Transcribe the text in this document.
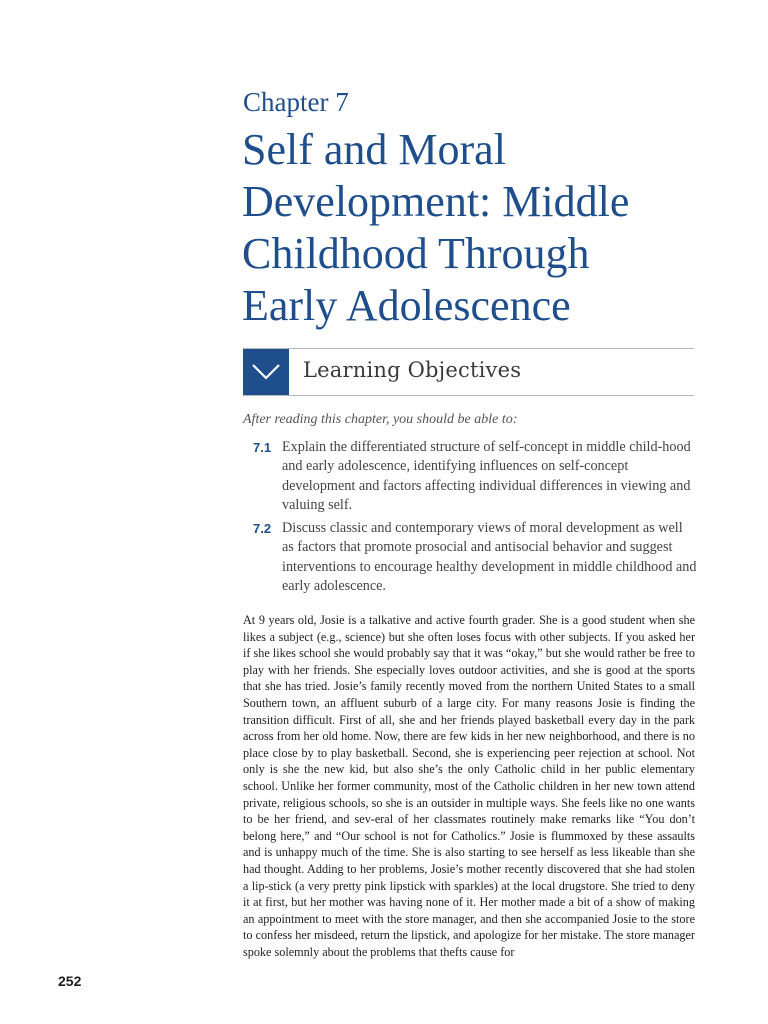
Chapter 7
Self and Moral
Development: Middle
Childhood Through
Early Adolescence
Learning Objectives
After reading this chapter, you should be able to:
7.1 Explain the differentiated structure of self-concept in middle child-hood and early adolescence, identifying influences on self-concept development and factors affecting individual differences in viewing and valuing self.
7.2 Discuss classic and contemporary views of moral development as well as factors that promote prosocial and antisocial behavior and suggest interventions to encourage healthy development in middle childhood and early adolescence.
At 9 years old, Josie is a talkative and active fourth grader. She is a good student when she likes a subject (e.g., science) but she often loses focus with other subjects. If you asked her if she likes school she would probably say that it was “okay,” but she would rather be free to play with her friends. She especially loves outdoor activities, and she is good at the sports that she has tried. Josie’s family recently moved from the northern United States to a small Southern town, an affluent suburb of a large city. For many reasons Josie is finding the transition difficult. First of all, she and her friends played basketball every day in the park across from her old home. Now, there are few kids in her new neighborhood, and there is no place close by to play basketball. Second, she is experiencing peer rejection at school. Not only is she the new kid, but also she’s the only Catholic child in her public elementary school. Unlike her former community, most of the Catholic children in her new town attend private, religious schools, so she is an outsider in multiple ways. She feels like no one wants to be her friend, and sev-eral of her classmates routinely make remarks like “You don’t belong here,” and “Our school is not for Catholics.” Josie is flummoxed by these assaults and is unhappy much of the time. She is also starting to see herself as less likeable than she had thought. Adding to her problems, Josie’s mother recently discovered that she had stolen a lip-stick (a very pretty pink lipstick with sparkles) at the local drugstore. She tried to deny it at first, but her mother was having none of it. Her mother made a bit of a show of making an appointment to meet with the store manager, and then she accompanied Josie to the store to confess her misdeed, return the lipstick, and apologize for her mistake. The store manager spoke solemnly about the problems that thefts cause for
252
